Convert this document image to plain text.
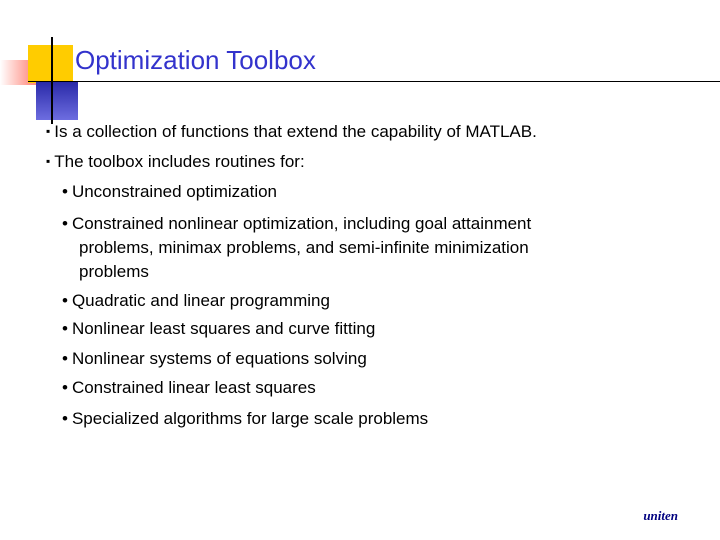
Optimization Toolbox
▪ Is a collection of functions that extend the capability of MATLAB.
▪ The toolbox includes routines for:
• Unconstrained optimization
• Constrained nonlinear optimization, including goal attainment
problems, minimax problems, and semi-infinite minimization
problems
• Quadratic and linear programming
• Nonlinear least squares and curve fitting
• Nonlinear systems of equations solving
• Constrained linear least squares
• Specialized algorithms for large scale problems
uniten
